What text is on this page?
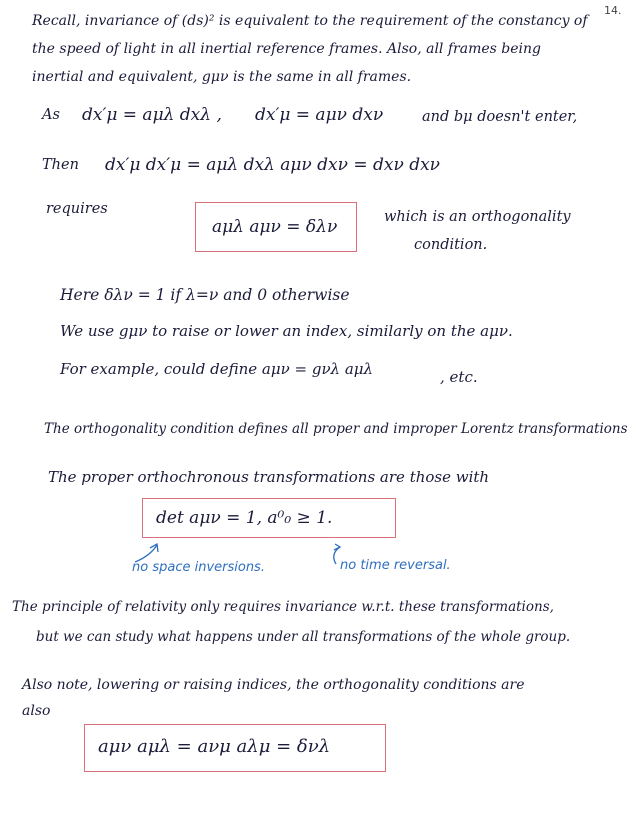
14.
Recall, invariance of (ds)² is equivalent to the requirement of the constancy of
the speed of light in all inertial reference frames. Also, all frames being
inertial and equivalent, gμν is the same in all frames.
As dx′μ = aμλ dxλ , dx′μ = aμν dxν	and bμ doesn't enter,
Then dx′μ dx′μ = aμλ dxλ aμν dxν = dxν dxν
requires
aμλ aμν = δλν	which is an orthogonality
condition.
Here δλν = 1 if λ=ν and 0 otherwise
We use gμν to raise or lower an index, similarly on the aμν.
For example, could define aμν = gνλ aμλ	, etc.
The orthogonality condition defines all proper and improper Lorentz transformations
The proper orthochronous transformations are those with
det aμν = 1, a⁰₀ ≥ 1.
no space inversions.	no time reversal.
The principle of relativity only requires invariance w.r.t. these transformations,
but we can study what happens under all transformations of the whole group.
Also note, lowering or raising indices, the orthogonality conditions are
also
aμν aμλ = aνμ aλμ = δνλ
